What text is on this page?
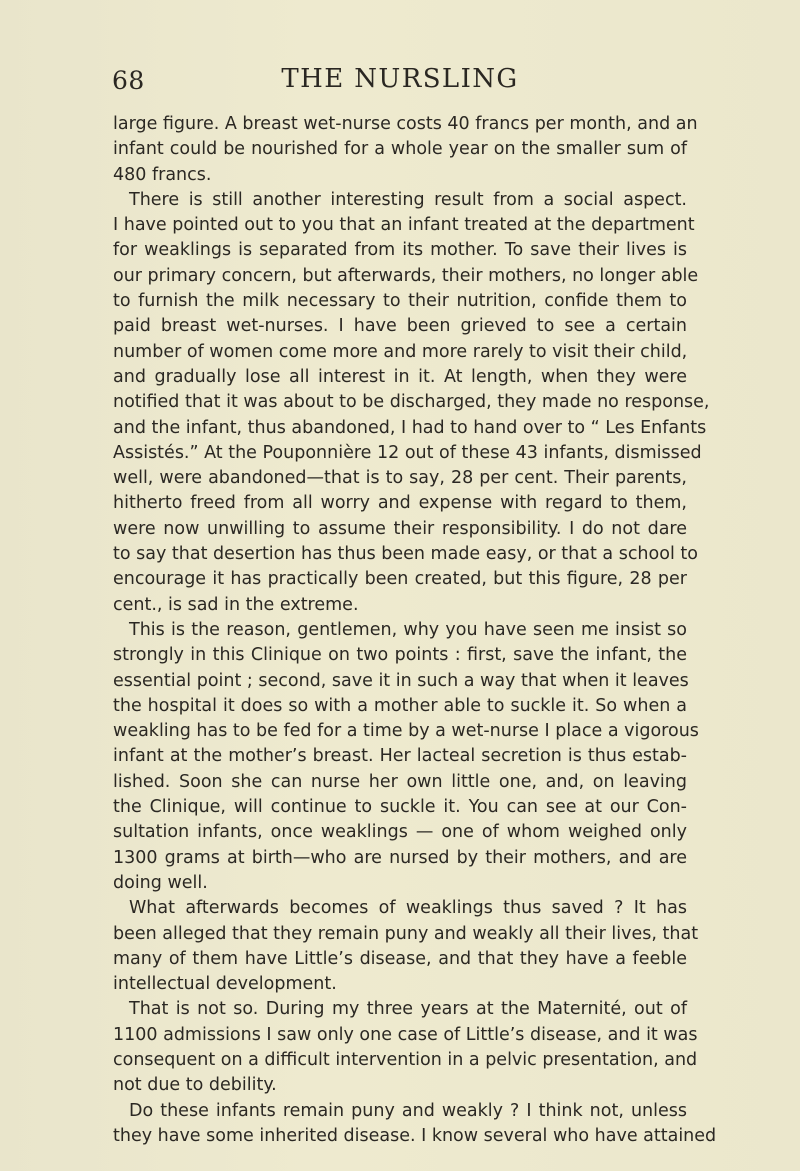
68	THE NURSLING
large figure. A breast wet-nurse costs 40 francs per month, and an
infant could be nourished for a whole year on the smaller sum of
480 francs.
There is still another interesting result from a social aspect.
I have pointed out to you that an infant treated at the department
for weaklings is separated from its mother. To save their lives is
our primary concern, but afterwards, their mothers, no longer able
to furnish the milk necessary to their nutrition, confide them to
paid breast wet-nurses. I have been grieved to see a certain
number of women come more and more rarely to visit their child,
and gradually lose all interest in it. At length, when they were
notified that it was about to be discharged, they made no response,
and the infant, thus abandoned, I had to hand over to “ Les Enfants
Assistés.” At the Pouponnière 12 out of these 43 infants, dismissed
well, were abandoned—that is to say, 28 per cent. Their parents,
hitherto freed from all worry and expense with regard to them,
were now unwilling to assume their responsibility. I do not dare
to say that desertion has thus been made easy, or that a school to
encourage it has practically been created, but this figure, 28 per
cent., is sad in the extreme.
This is the reason, gentlemen, why you have seen me insist so
strongly in this Clinique on two points : first, save the infant, the
essential point ; second, save it in such a way that when it leaves
the hospital it does so with a mother able to suckle it. So when a
weakling has to be fed for a time by a wet-nurse I place a vigorous
infant at the mother’s breast. Her lacteal secretion is thus estab-
lished. Soon she can nurse her own little one, and, on leaving
the Clinique, will continue to suckle it. You can see at our Con-
sultation infants, once weaklings — one of whom weighed only
1300 grams at birth—who are nursed by their mothers, and are
doing well.
What afterwards becomes of weaklings thus saved ? It has
been alleged that they remain puny and weakly all their lives, that
many of them have Little’s disease, and that they have a feeble
intellectual development.
That is not so. During my three years at the Maternité, out of
1100 admissions I saw only one case of Little’s disease, and it was
consequent on a difficult intervention in a pelvic presentation, and
not due to debility.
Do these infants remain puny and weakly ? I think not, unless
they have some inherited disease. I know several who have attained
